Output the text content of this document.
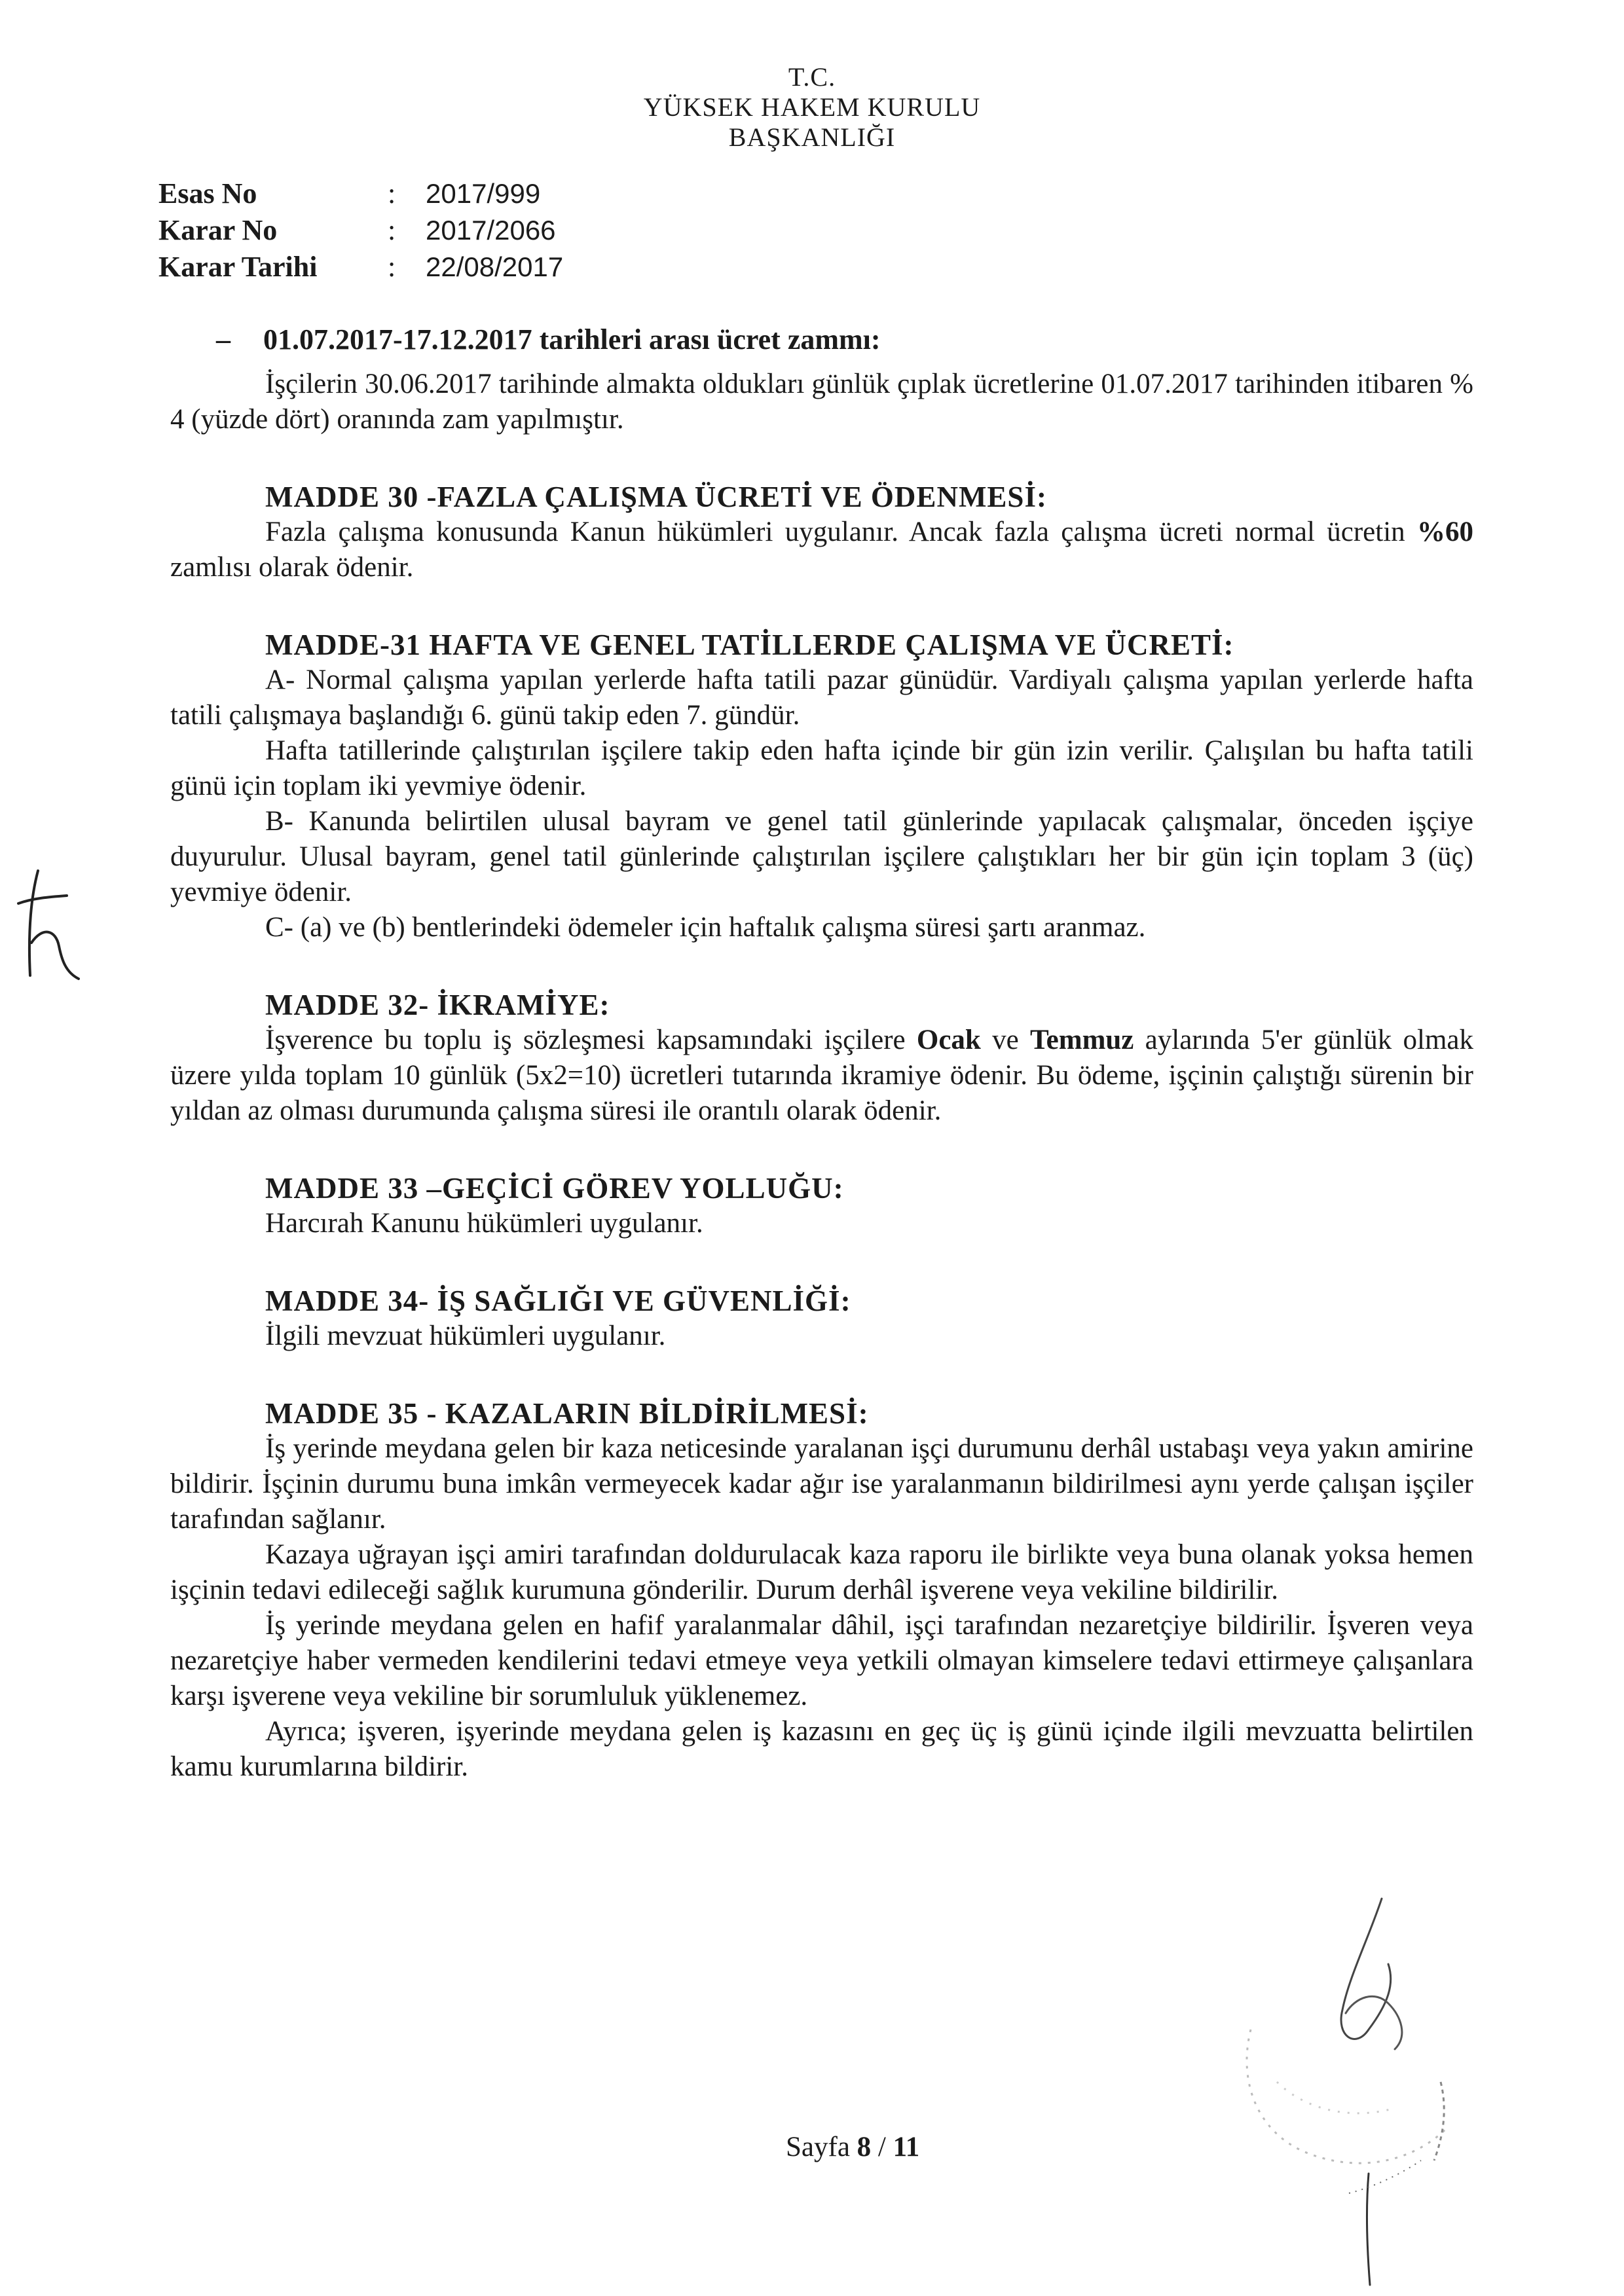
T.C.
YÜKSEK HAKEM KURULU
BAŞKANLIĞI
Esas No	:	2017/999
Karar No	:	2017/2066
Karar Tarihi	:	22/08/2017
–	01.07.2017-17.12.2017 tarihleri arası ücret zammı:

İşçilerin 30.06.2017 tarihinde almakta oldukları günlük çıplak ücretlerine 01.07.2017 tarihinden itibaren % 4 (yüzde dört) oranında zam yapılmıştır.

MADDE 30 -FAZLA ÇALIŞMA ÜCRETİ VE ÖDENMESİ:

Fazla çalışma konusunda Kanun hükümleri uygulanır. Ancak fazla çalışma ücreti normal ücretin %60 zamlısı olarak ödenir.

MADDE-31 HAFTA VE GENEL TATİLLERDE ÇALIŞMA VE ÜCRETİ:

A- Normal çalışma yapılan yerlerde hafta tatili pazar günüdür. Vardiyalı çalışma yapılan yerlerde hafta tatili çalışmaya başlandığı 6. günü takip eden 7. gündür.

Hafta tatillerinde çalıştırılan işçilere takip eden hafta içinde bir gün izin verilir. Çalışılan bu hafta tatili günü için toplam iki yevmiye ödenir.

B- Kanunda belirtilen ulusal bayram ve genel tatil günlerinde yapılacak çalışmalar, önceden işçiye duyurulur. Ulusal bayram, genel tatil günlerinde çalıştırılan işçilere çalıştıkları her bir gün için toplam 3 (üç) yevmiye ödenir.

C- (a) ve (b) bentlerindeki ödemeler için haftalık çalışma süresi şartı aranmaz.

MADDE 32- İKRAMİYE:

İşverence bu toplu iş sözleşmesi kapsamındaki işçilere Ocak ve Temmuz aylarında 5'er günlük olmak üzere yılda toplam 10 günlük (5x2=10) ücretleri tutarında ikramiye ödenir. Bu ödeme, işçinin çalıştığı sürenin bir yıldan az olması durumunda çalışma süresi ile orantılı olarak ödenir.

MADDE 33 –GEÇİCİ GÖREV YOLLUĞU:

Harcırah Kanunu hükümleri uygulanır.

MADDE 34- İŞ SAĞLIĞI VE GÜVENLİĞİ:

İlgili mevzuat hükümleri uygulanır.

MADDE 35 - KAZALARIN BİLDİRİLMESİ:

İş yerinde meydana gelen bir kaza neticesinde yaralanan işçi durumunu derhâl ustabaşı veya yakın amirine bildirir. İşçinin durumu buna imkân vermeyecek kadar ağır ise yaralanmanın bildirilmesi aynı yerde çalışan işçiler tarafından sağlanır.

Kazaya uğrayan işçi amiri tarafından doldurulacak kaza raporu ile birlikte veya buna olanak yoksa hemen işçinin tedavi edileceği sağlık kurumuna gönderilir. Durum derhâl işverene veya vekiline bildirilir.

İş yerinde meydana gelen en hafif yaralanmalar dâhil, işçi tarafından nezaretçiye bildirilir. İşveren veya nezaretçiye haber vermeden kendilerini tedavi etmeye veya yetkili olmayan kimselere tedavi ettirmeye çalışanlara karşı işverene veya vekiline bir sorumluluk yüklenemez.

Ayrıca; işveren, işyerinde meydana gelen iş kazasını en geç üç iş günü içinde ilgili mevzuatta belirtilen kamu kurumlarına bildirir.

Sayfa 8 / 11
